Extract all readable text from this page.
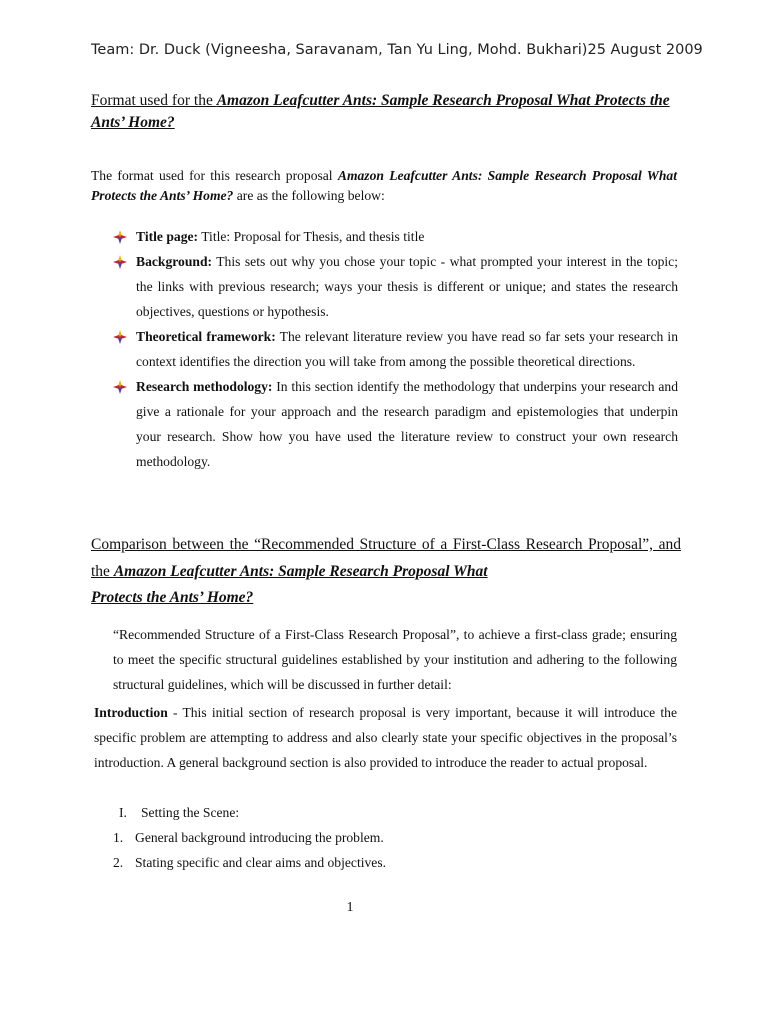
Team: Dr. Duck (Vigneesha, Saravanam, Tan Yu Ling, Mohd. Bukhari)25 August 2009
Format used for the Amazon Leafcutter Ants: Sample Research Proposal What Protects the Ants’ Home?
The format used for this research proposal Amazon Leafcutter Ants: Sample Research Proposal What Protects the Ants’ Home? are as the following below:
Title page: Title: Proposal for Thesis, and thesis title
Background: This sets out why you chose your topic - what prompted your interest in the topic; the links with previous research; ways your thesis is different or unique; and states the research objectives, questions or hypothesis.
Theoretical framework: The relevant literature review you have read so far sets your research in context identifies the direction you will take from among the possible theoretical directions.
Research methodology: In this section identify the methodology that underpins your research and give a rationale for your approach and the research paradigm and epistemologies that underpin your research. Show how you have used the literature review to construct your own research methodology.
Comparison between the “Recommended Structure of a First-Class Research Proposal”, and the Amazon Leafcutter Ants: Sample Research Proposal What
Protects the Ants’ Home?
“Recommended Structure of a First-Class Research Proposal”, to achieve a first-class grade; ensuring to meet the specific structural guidelines established by your institution and adhering to the following structural guidelines, which will be discussed in further detail:
Introduction - This initial section of research proposal is very important, because it will introduce the specific problem are attempting to address and also clearly state your specific objectives in the proposal’s introduction. A general background section is also provided to introduce the reader to actual proposal.
I.	Setting the Scene:
1. General background introducing the problem.
2. Stating specific and clear aims and objectives.
1
